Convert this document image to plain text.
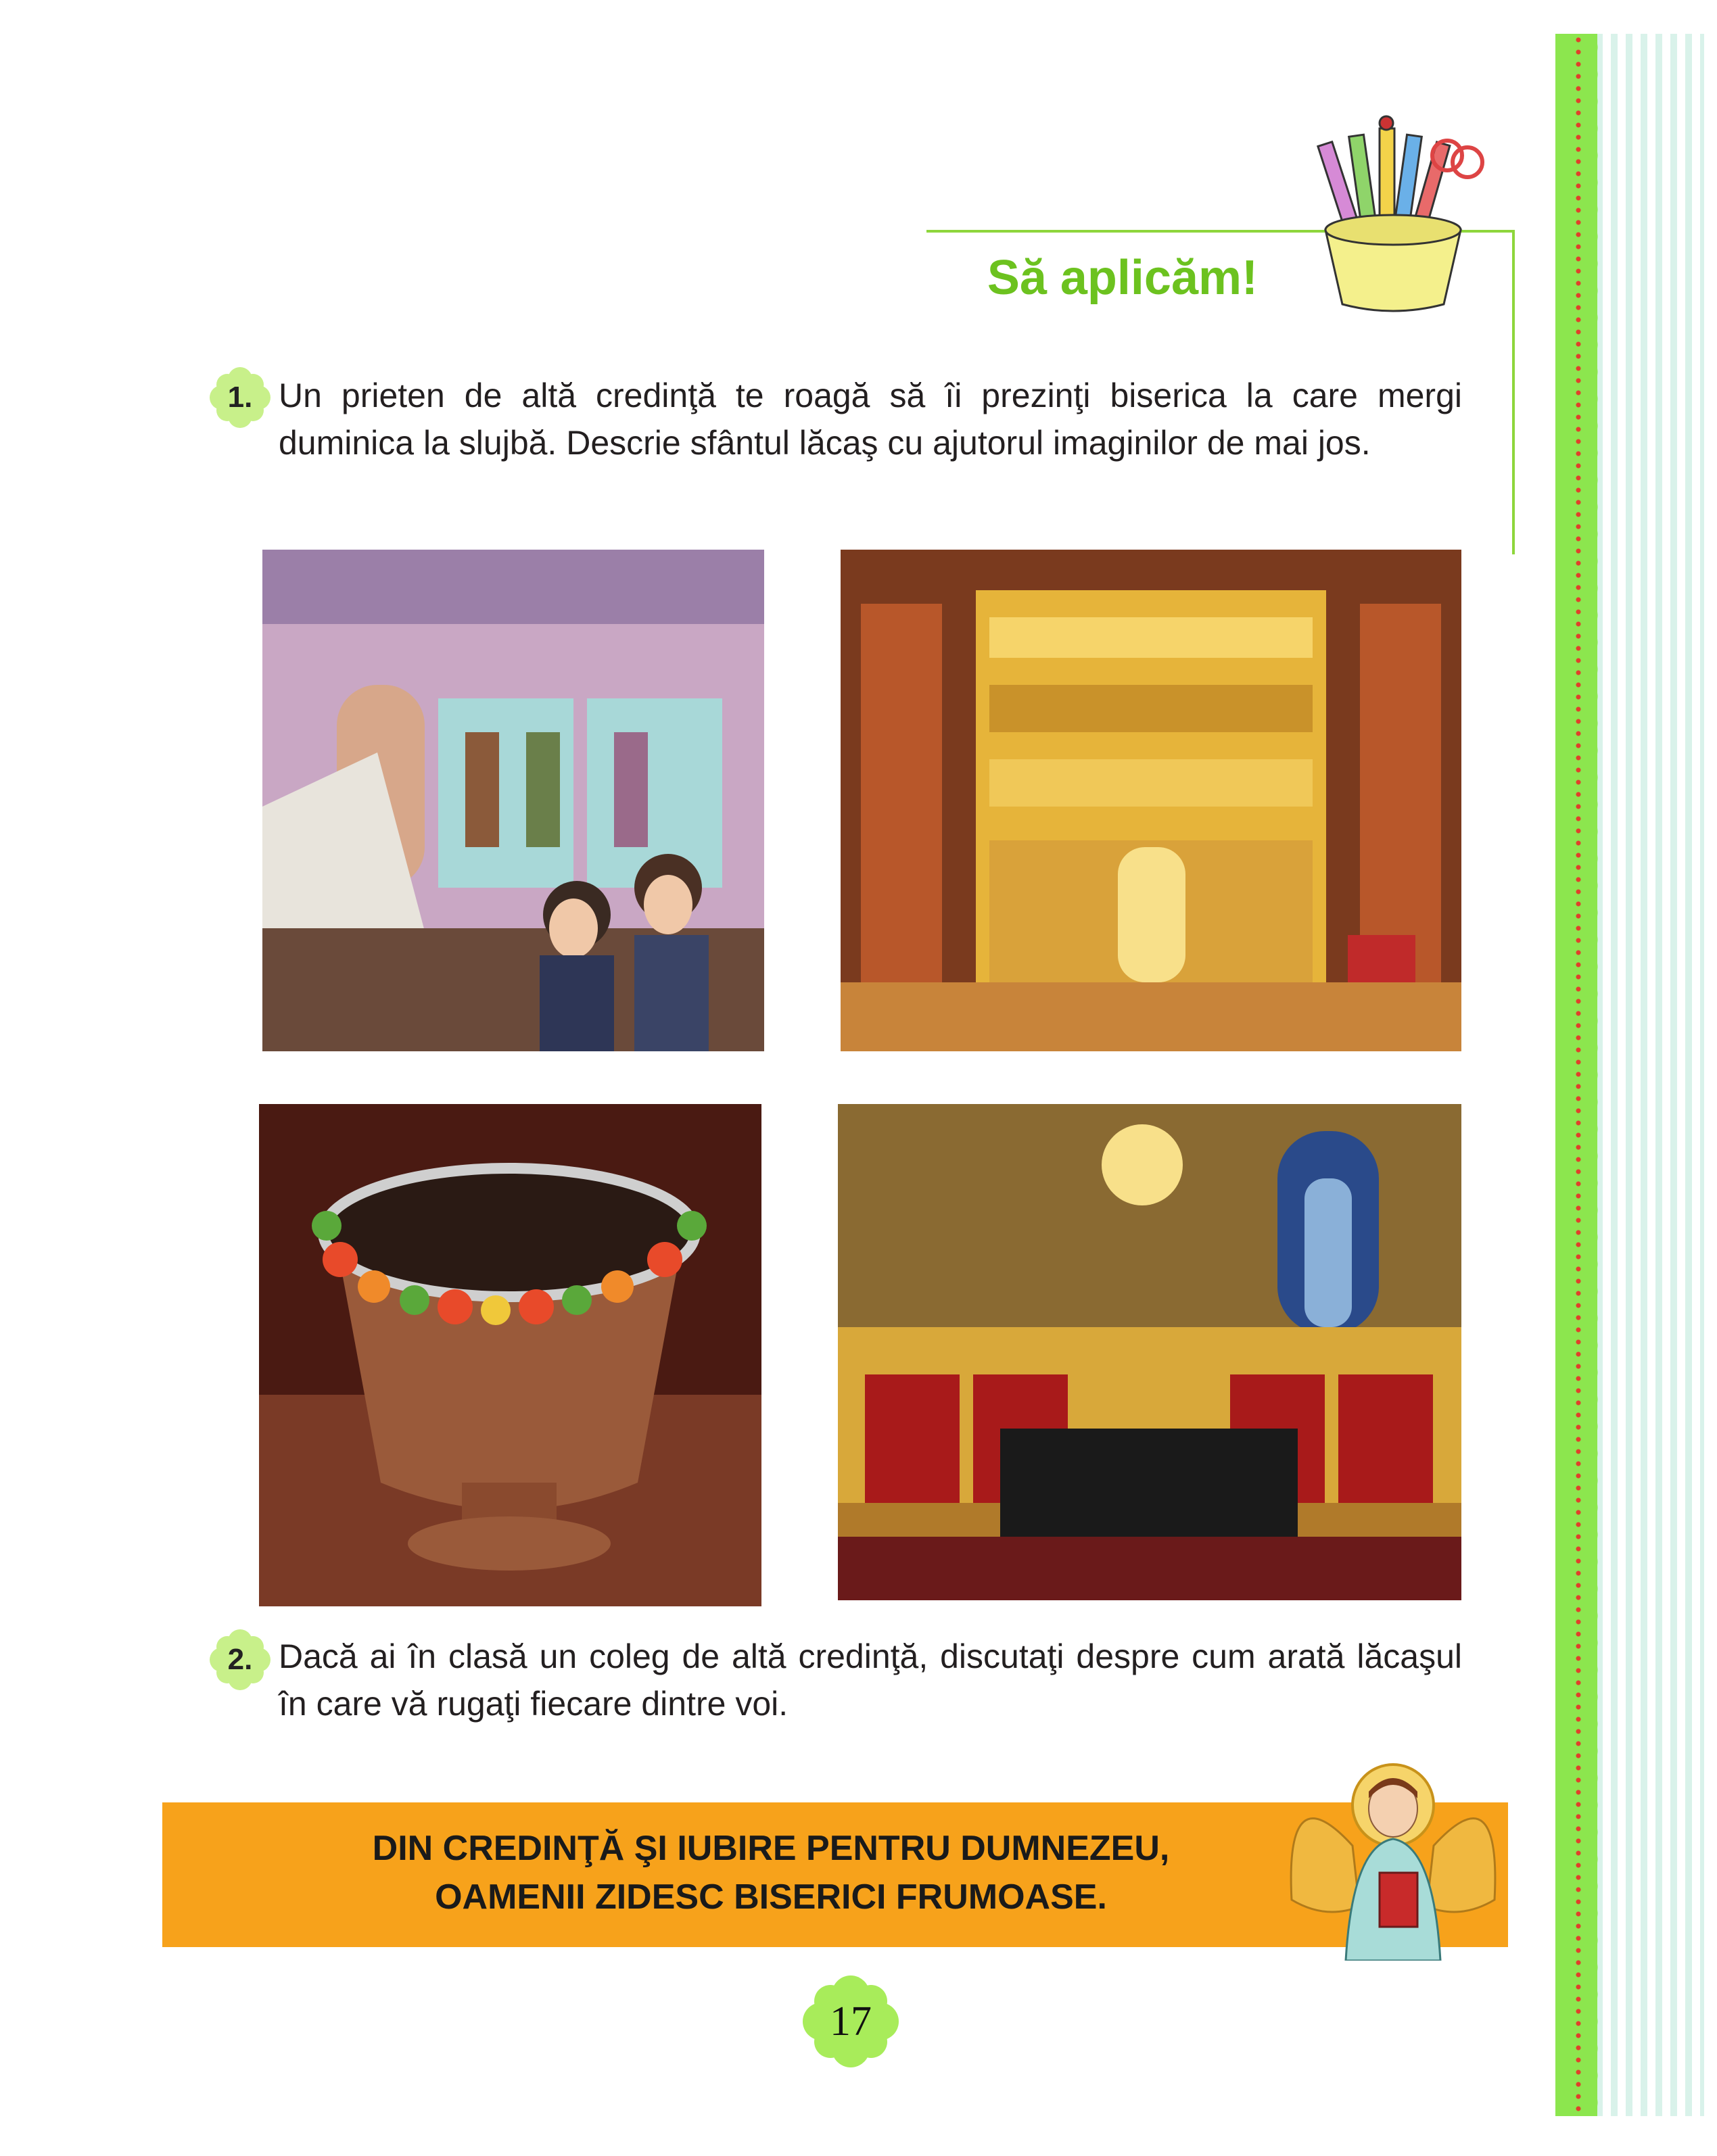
Să aplicăm!
1. Un prieten de altă credinţă te roagă să îi prezinţi biserica la care mergi duminica la slujbă. Descrie sfântul lăcaş cu ajutorul imaginilor de mai jos.
2. Dacă ai în clasă un coleg de altă credinţă, discutaţi despre cum arată lăcaşul în care vă rugaţi fiecare dintre voi.
DIN CREDINŢĂ ŞI IUBIRE PENTRU DUMNEZEU,
OAMENII ZIDESC BISERICI FRUMOASE.
17
